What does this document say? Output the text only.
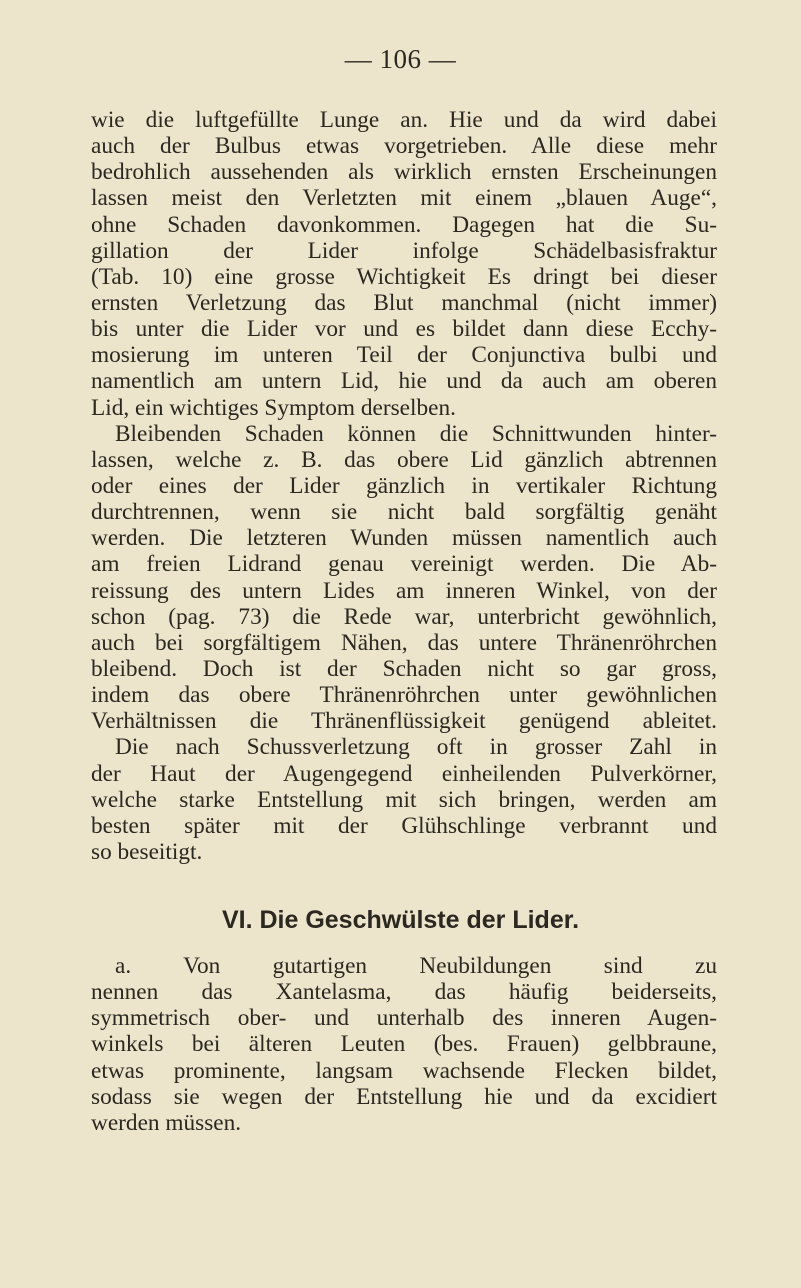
— 106 —
wie die luftgefüllte Lunge an. Hie und da wird dabei
auch der Bulbus etwas vorgetrieben. Alle diese mehr
bedrohlich aussehenden als wirklich ernsten Erscheinungen
lassen meist den Verletzten mit einem „blauen Auge“,
ohne Schaden davonkommen. Dagegen hat die Su-
gillation der Lider infolge Schädelbasisfraktur
(Tab. 10) eine grosse Wichtigkeit Es dringt bei dieser
ernsten Verletzung das Blut manchmal (nicht immer)
bis unter die Lider vor und es bildet dann diese Ecchy-
mosierung im unteren Teil der Conjunctiva bulbi und
namentlich am untern Lid, hie und da auch am oberen
Lid, ein wichtiges Symptom derselben.
Bleibenden Schaden können die Schnittwunden hinter-
lassen, welche z. B. das obere Lid gänzlich abtrennen
oder eines der Lider gänzlich in vertikaler Richtung
durchtrennen, wenn sie nicht bald sorgfältig genäht
werden. Die letzteren Wunden müssen namentlich auch
am freien Lidrand genau vereinigt werden. Die Ab-
reissung des untern Lides am inneren Winkel, von der
schon (pag. 73) die Rede war, unterbricht gewöhnlich,
auch bei sorgfältigem Nähen, das untere Thränenröhrchen
bleibend. Doch ist der Schaden nicht so gar gross,
indem das obere Thränenröhrchen unter gewöhnlichen
Verhältnissen die Thränenflüssigkeit genügend ableitet.
Die nach Schussverletzung oft in grosser Zahl in
der Haut der Augengegend einheilenden Pulverkörner,
welche starke Entstellung mit sich bringen, werden am
besten später mit der Glühschlinge verbrannt und
so beseitigt.
VI. Die Geschwülste der Lider.
a. Von gutartigen Neubildungen sind zu
nennen das Xantelasma, das häufig beiderseits,
symmetrisch ober- und unterhalb des inneren Augen-
winkels bei älteren Leuten (bes. Frauen) gelbbraune,
etwas prominente, langsam wachsende Flecken bildet,
sodass sie wegen der Entstellung hie und da excidiert
werden müssen.
